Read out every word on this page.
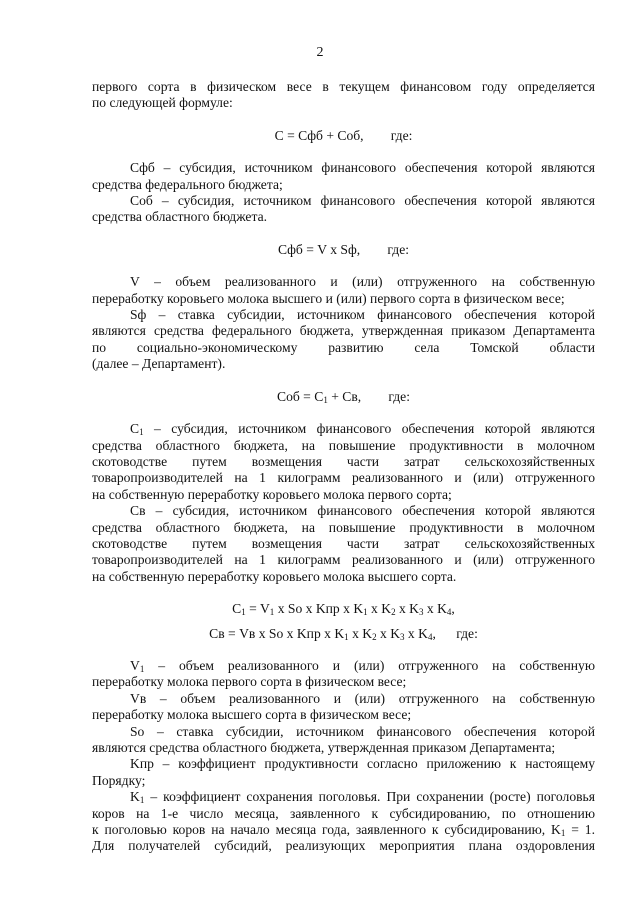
2
первого сорта в физическом весе в текущем финансовом году определяется
по следующей формуле:
C = Cфб + Cоб,        где:
Cфб – субсидия, источником финансового обеспечения которой являются
средства федерального бюджета;
Cоб – субсидия, источником финансового обеспечения которой являются
средства областного бюджета.
Cфб = V x Sф,        где:
V – объем реализованного и (или) отгруженного на собственную
переработку коровьего молока высшего и (или) первого сорта в физическом весе;
Sф – ставка субсидии, источником финансового обеспечения которой
являются средства федерального бюджета, утвержденная приказом Департамента
по социально-экономическому развитию села Томской области
(далее – Департамент).
Cоб = $C_1$ + Cв,        где:
$C_1$ – субсидия, источником финансового обеспечения которой являются
средства областного бюджета, на повышение продуктивности в молочном
скотоводстве путем возмещения части затрат сельскохозяйственных
товаропроизводителей на 1 килограмм реализованного и (или) отгруженного
на собственную переработку коровьего молока первого сорта;
Cв – субсидия, источником финансового обеспечения которой являются
средства областного бюджета, на повышение продуктивности в молочном
скотоводстве путем возмещения части затрат сельскохозяйственных
товаропроизводителей на 1 килограмм реализованного и (или) отгруженного
на собственную переработку коровьего молока высшего сорта.
$C_1 = V_1$ x So x Kпр x $K_1$ x $K_2$ x $K_3$ x $K_4$,
Cв = Vв x So x Kпр x $K_1$ x $K_2$ x $K_3$ x $K_4$,      где:
$V_1$ – объем реализованного и (или) отгруженного на собственную
переработку молока первого сорта в физическом весе;
Vв – объем реализованного и (или) отгруженного на собственную
переработку молока высшего сорта в физическом весе;
So – ставка субсидии, источником финансового обеспечения которой
являются средства областного бюджета, утвержденная приказом Департамента;
Kпр – коэффициент продуктивности согласно приложению к настоящему
Порядку;
$K_1$ – коэффициент сохранения поголовья. При сохранении (росте) поголовья
коров на 1-е число месяца, заявленного к субсидированию, по отношению
к поголовью коров на начало месяца года, заявленного к субсидированию, $K_1 = 1$.
Для получателей субсидий, реализующих мероприятия плана оздоровления
